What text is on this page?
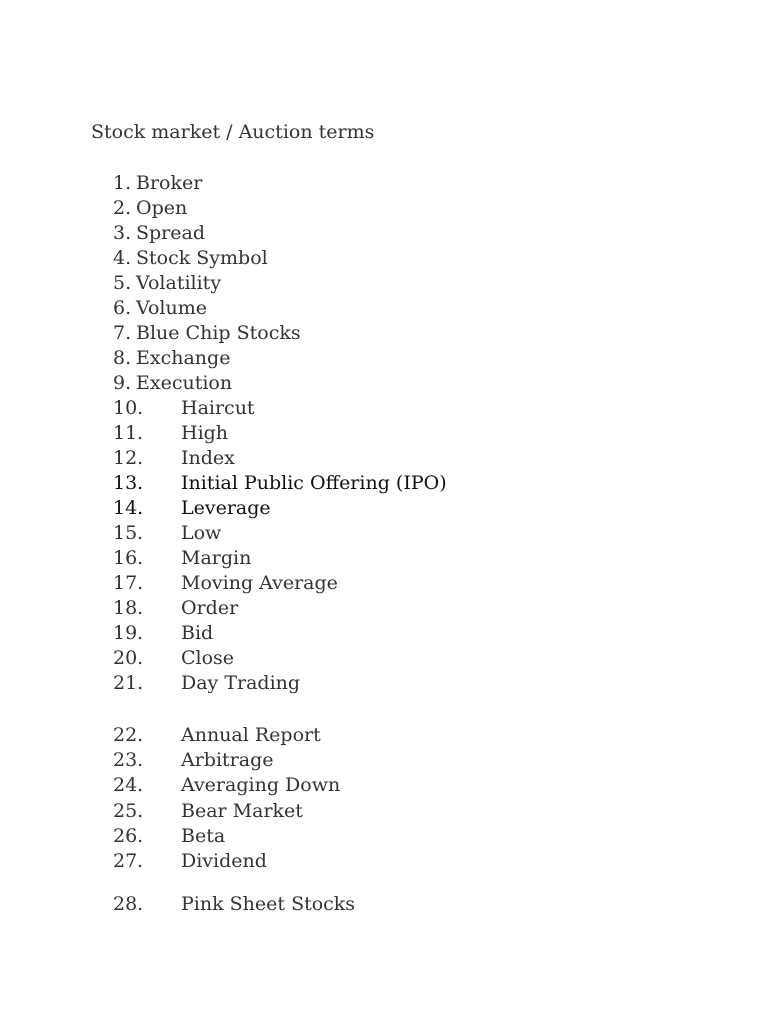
Stock market / Auction terms
1. Broker
2. Open
3. Spread
4. Stock Symbol
5. Volatility
6. Volume
7. Blue Chip Stocks
8. Exchange
9. Execution
10. Haircut
11. High
12. Index
13. Initial Public Offering (IPO)
14. Leverage
15. Low
16. Margin
17. Moving Average
18. Order
19. Bid
20. Close
21. Day Trading
22. Annual Report
23. Arbitrage
24. Averaging Down
25. Bear Market
26. Beta
27. Dividend
28. Pink Sheet Stocks
